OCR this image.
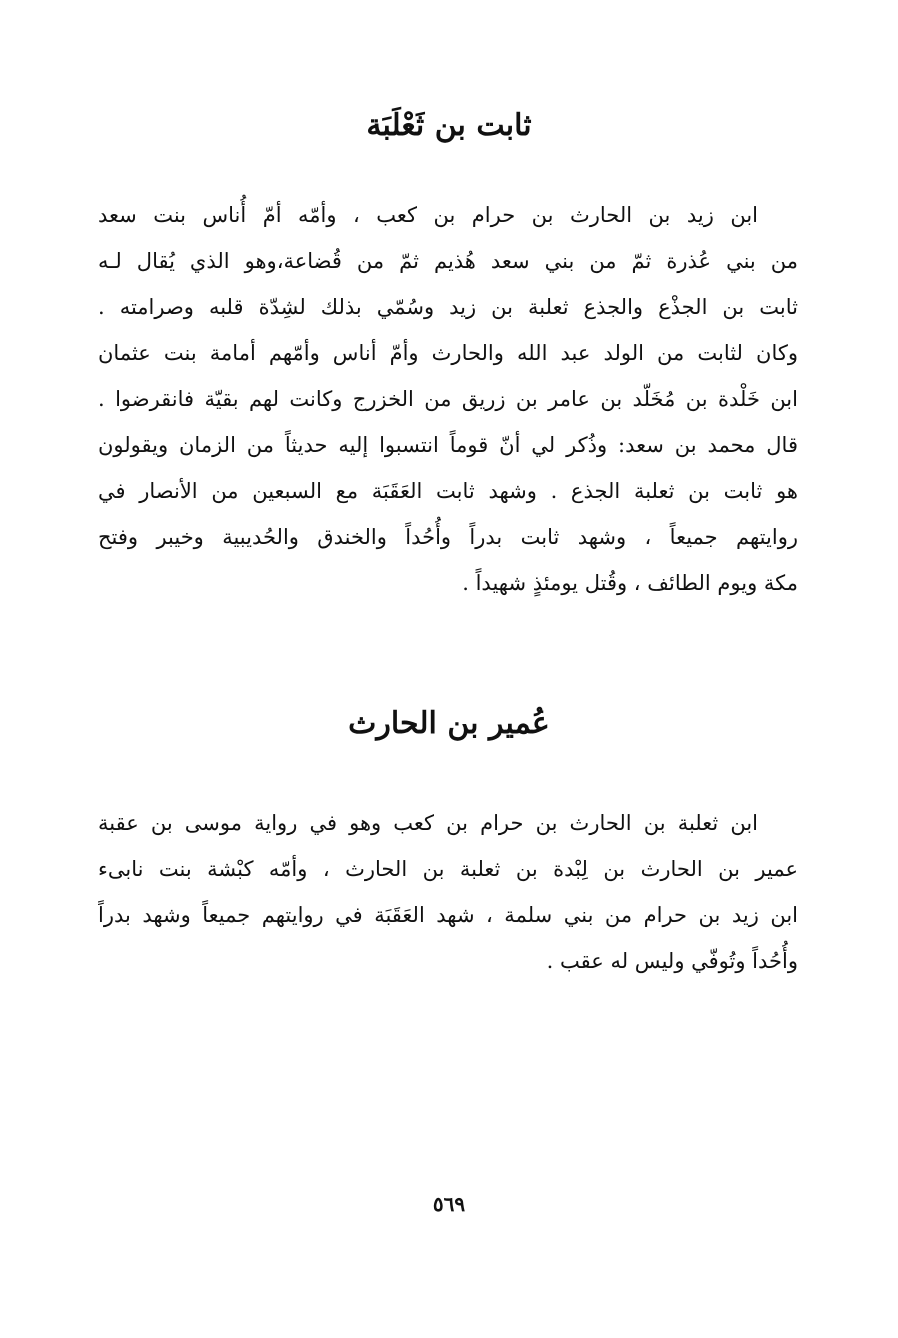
ثابت بن ثَعْلَبَة
ابن زيد بن الحارث بن حرام بن كعب ، وأمّه أمّ أُناس بنت سعد
من بني عُذرة ثمّ من بني سعد هُذيم ثمّ من قُضاعة،وهو الذي يُقال لـه
ثابت بن الجذْع والجذع ثعلبة بن زيد وسُمّي بذلك لشِدّة قلبه وصرامته .
وكان لثابت من الولد عبد الله والحارث وأمّ أناس وأمّهم أمامة بنت عثمان
ابن خَلْدة بن مُخَلّد بن عامر بن زريق من الخزرج وكانت لهم بقيّة فانقرضوا .
قال محمد بن سعد: وذُكر لي أنّ قوماً انتسبوا إليه حديثاً من الزمان ويقولون
هو ثابت بن ثعلبة الجذع . وشهد ثابت العَقَبَة مع السبعين من الأنصار في
روايتهم جميعاً ، وشهد ثابت بدراً وأُحُداً والخندق والحُديبية وخيبر وفتح
مكة ويوم الطائف ، وقُتل يومئذٍ شهيداً .
عُمير بن الحارث
ابن ثعلبة بن الحارث بن حرام بن كعب وهو في رواية موسى بن عقبة
عمير بن الحارث بن لِبْدة بن ثعلبة بن الحارث ، وأمّه كبْشة بنت نابىء
ابن زيد بن حرام من بني سلمة ، شهد العَقَبَة في روايتهم جميعاً وشهد بدراً
وأُحُداً وتُوفّي وليس له عقب .
٥٦٩
